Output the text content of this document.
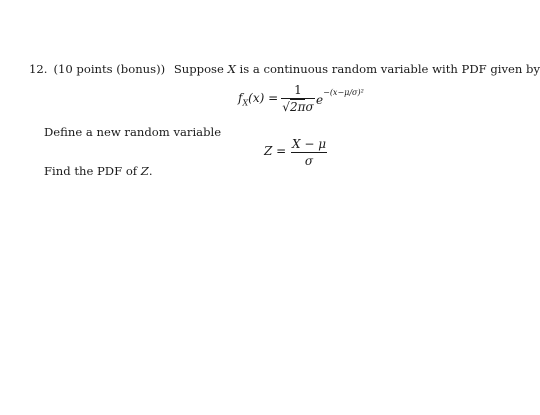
12. (10 points (bonus)) Suppose X is a continuous random variable with PDF given by
$f_X(x)$ =
1
√2πσ $e^{-(x-\mu/\sigma)^2}$
Define a new random variable
Z = X − μ
σ
Find the PDF of Z.
